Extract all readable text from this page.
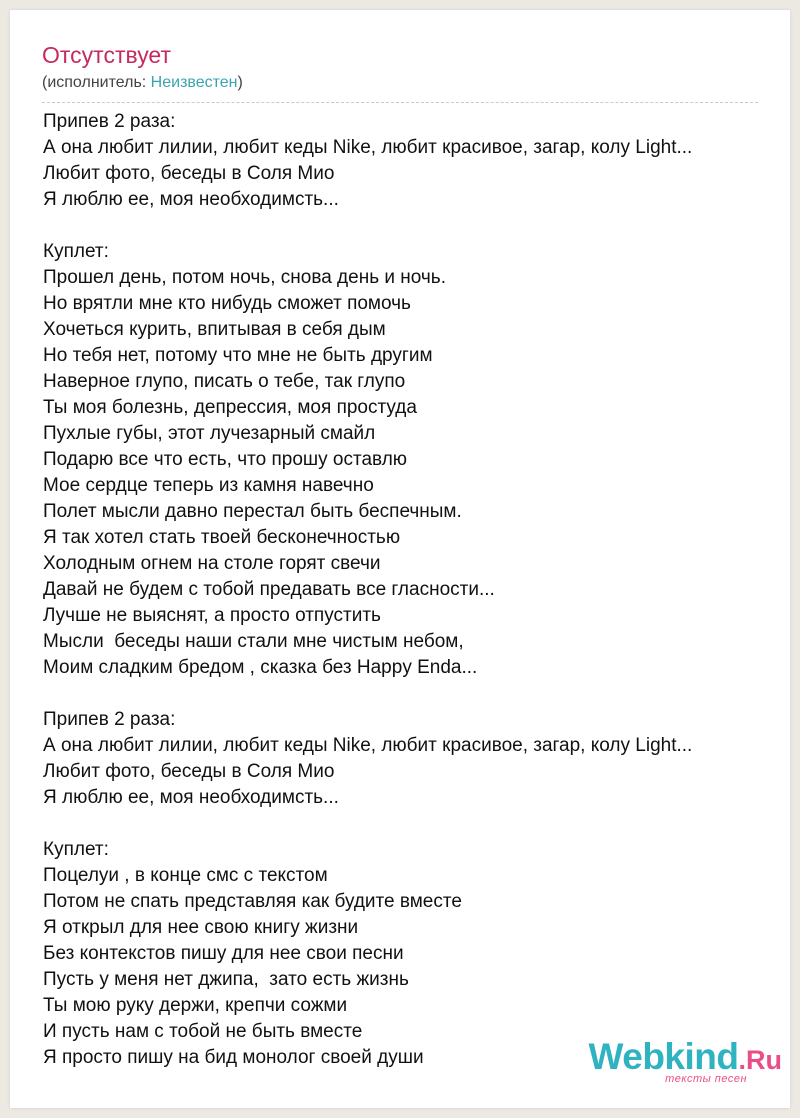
Отсутствует
(исполнитель: Неизвестен)
Припев 2 раза:
А она любит лилии, любит кеды Nike, любит красивое, загар, колу Light...
Любит фото, беседы в Соля Мио
Я люблю ее, моя необходимсть...
Куплет:
Прошел день, потом ночь, снова день и ночь.
Но врятли мне кто нибудь сможет помочь
Хочеться курить, впитывая в себя дым
Но тебя нет, потому что мне не быть другим
Наверное глупо, писать о тебе, так глупо
Ты моя болезнь, депрессия, моя простуда
Пухлые губы, этот лучезарный смайл
Подарю все что есть, что прошу оставлю
Мое сердце теперь из камня навечно
Полет мысли давно перестал быть беспечным.
Я так хотел стать твоей бесконечностью
Холодным огнем на столе горят свечи
Давай не будем с тобой предавать все гласности...
Лучше не выяснят, а просто отпустить
Мысли  беседы наши стали мне чистым небом,
Моим сладким бредом , сказка без Happy Enda...
Припев 2 раза:
А она любит лилии, любит кеды Nike, любит красивое, загар, колу Light...
Любит фото, беседы в Соля Мио
Я люблю ее, моя необходимсть...
Куплет:
Поцелуи , в конце смс с текстом
Потом не спать представляя как будите вместе
Я открыл для нее свою книгу жизни
Без контекстов пишу для нее свои песни
Пусть у меня нет джипа,  зато есть жизнь
Ты мою руку держи, крепчи сожми
И пусть нам с тобой не быть вместе
Я просто пишу на бид монолог своей души	Webkind.Ru
тексты песен
